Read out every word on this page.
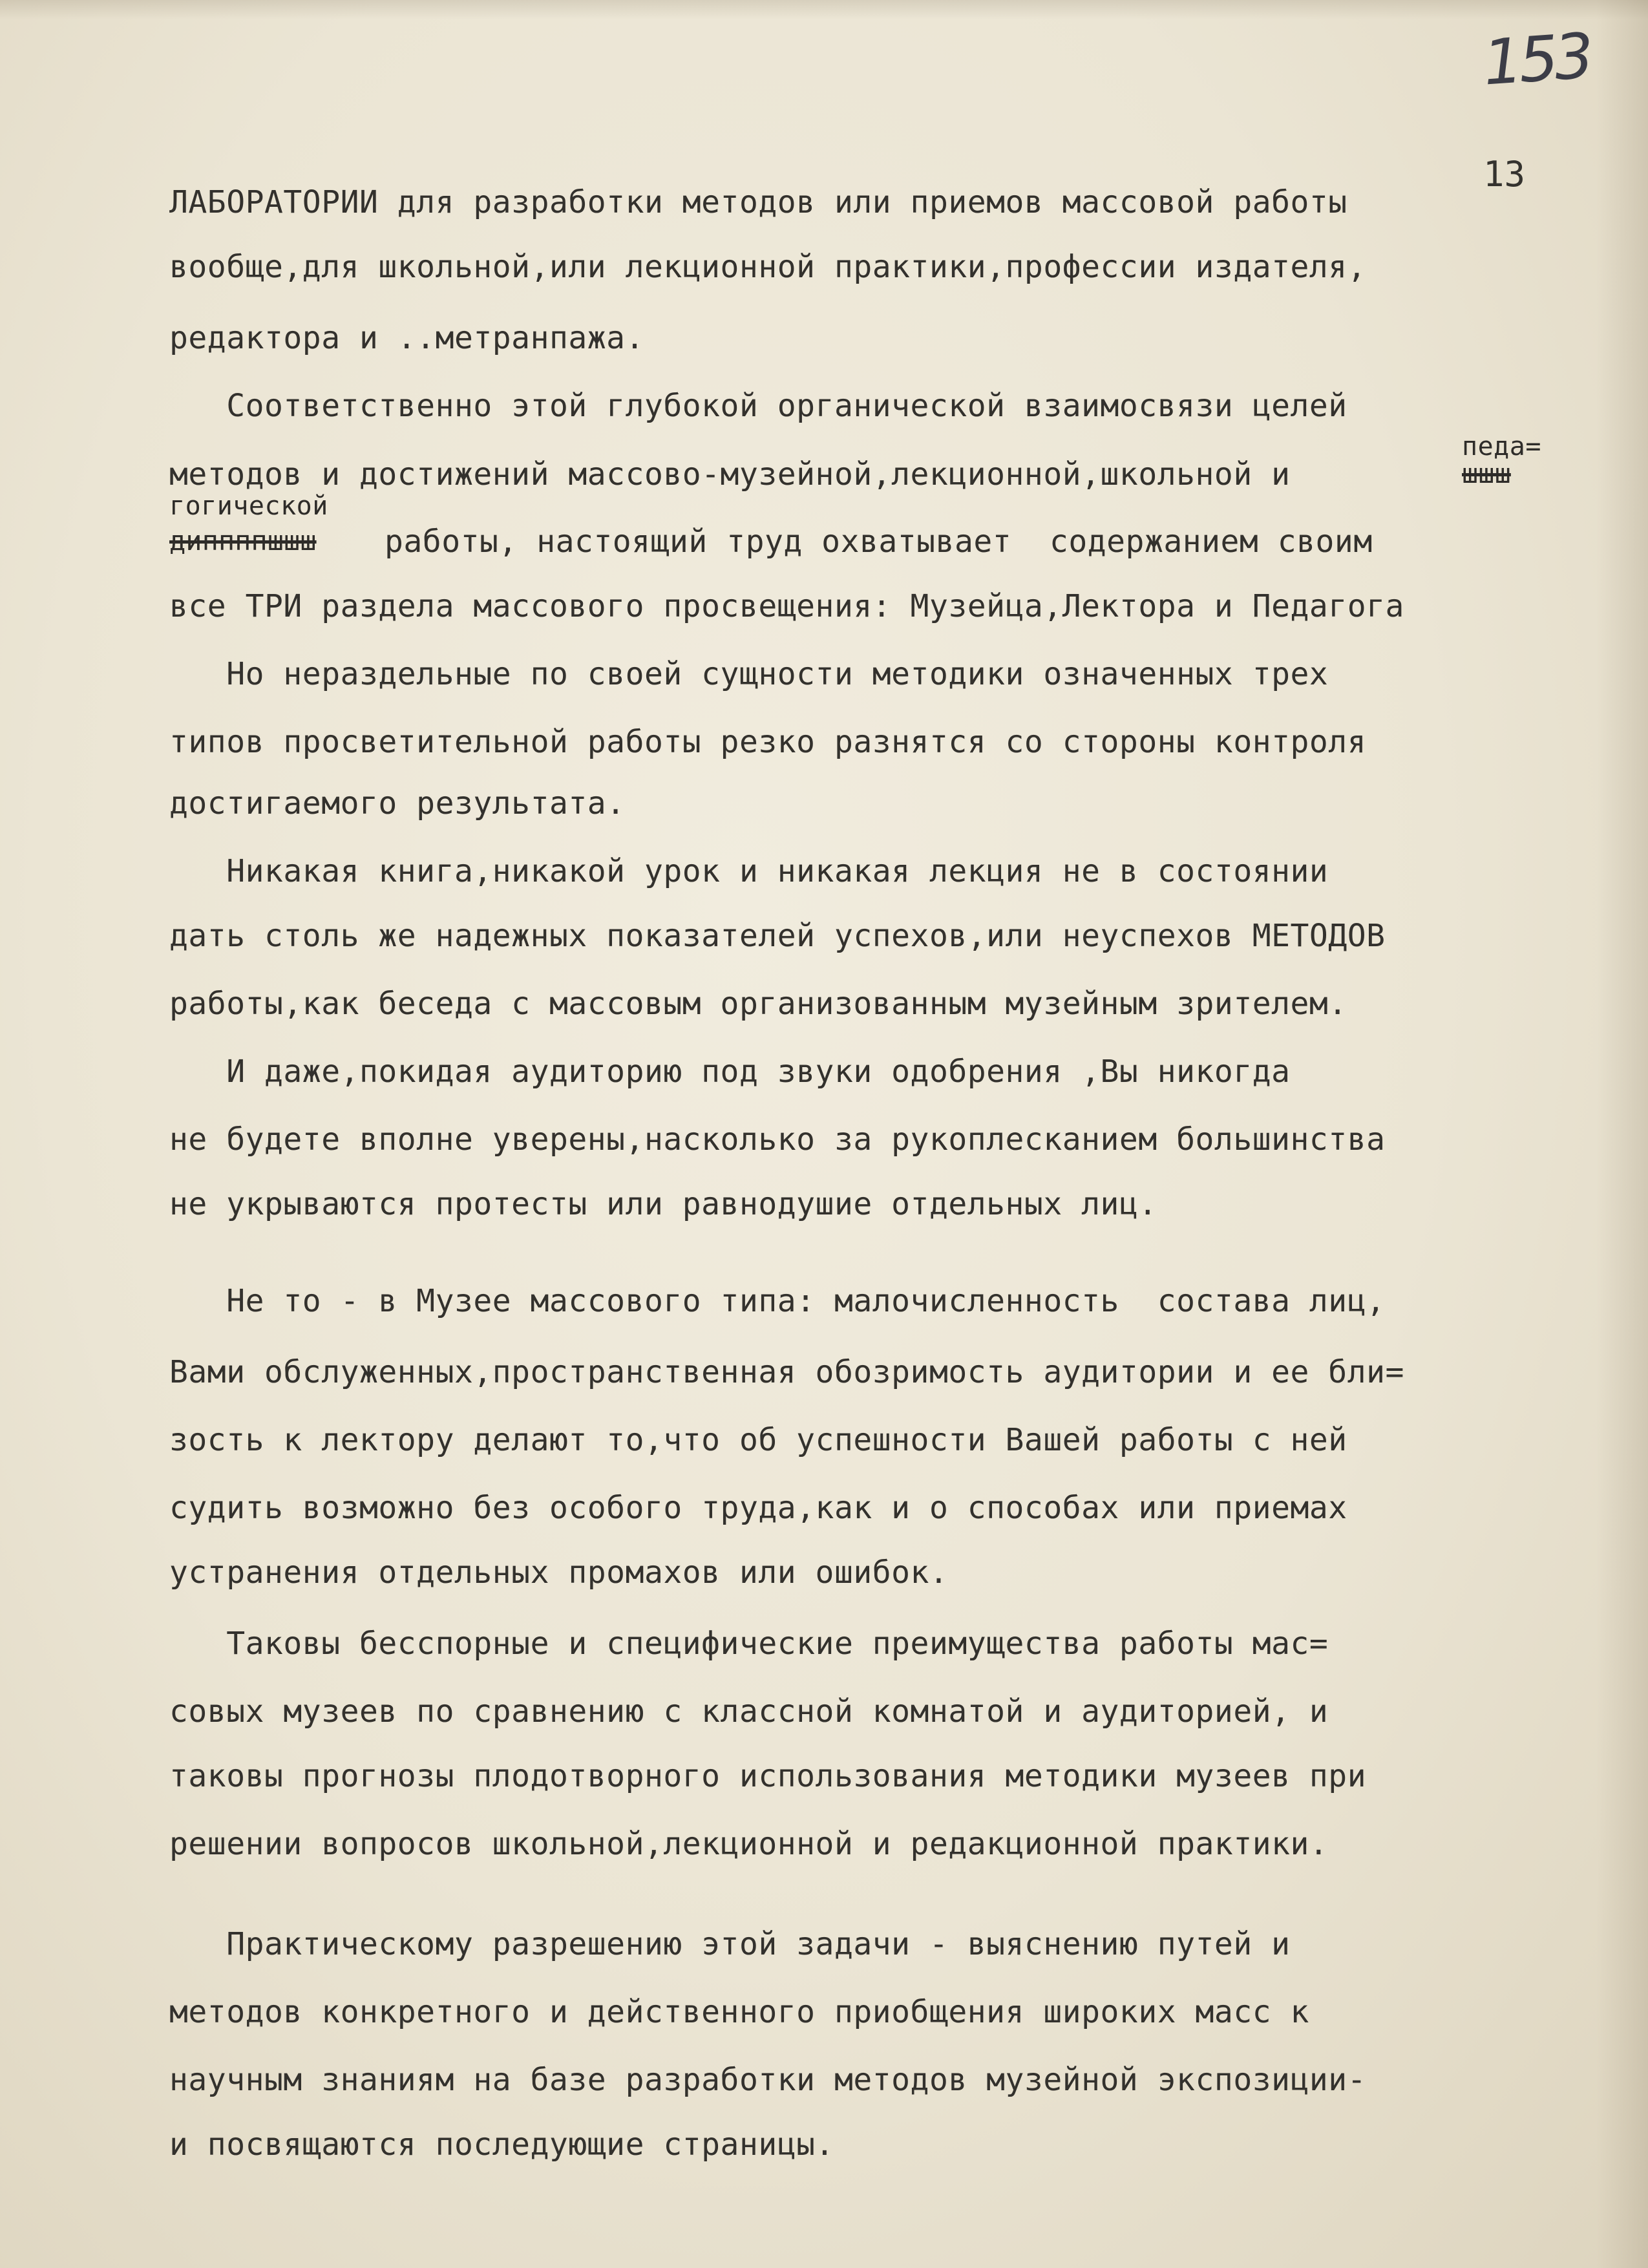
153
13
ЛАБОРАТОРИИ для разработки методов или приемов массовой работы
вообще,для школьной,или лекционной практики,профессии издателя,
редактора и ..метранпажа.
Соответственно этой глубокой органической взаимосвязи целей
педа=
методов и достижений массово-музейной,лекционной,школьной и	шшш
гогической
диппппшшш работы, настоящий труд охватывает  содержанием своим
все ТРИ раздела массового просвещения: Музейца,Лектора и Педагога
Но нераздельные по своей сущности методики означенных трех
типов просветительной работы резко разнятся со стороны контроля
достигаемого результата.
Никакая книга,никакой урок и никакая лекция не в состоянии
дать столь же надежных показателей успехов,или неуспехов МЕТОДОВ
работы,как беседа с массовым организованным музейным зрителем.
И даже,покидая аудиторию под звуки одобрения ,Вы никогда
не будете вполне уверены,насколько за рукоплесканием большинства
не укрываются протесты или равнодушие отдельных лиц.
Не то - в Музее массового типа: малочисленность  состава лиц,
Вами обслуженных,пространственная обозримость аудитории и ее бли=
зость к лектору делают то,что об успешности Вашей работы с ней
судить возможно без особого труда,как и о способах или приемах
устранения отдельных промахов или ошибок.
Таковы бесспорные и специфические преимущества работы мас=
совых музеев по сравнению с классной комнатой и аудиторией, и
таковы прогнозы плодотворного использования методики музеев при
решении вопросов школьной,лекционной и редакционной практики.
Практическому разрешению этой задачи - выяснению путей и
методов конкретного и действенного приобщения широких масс к
научным знаниям на базе разработки методов музейной экспозиции-
и посвящаются последующие страницы.
